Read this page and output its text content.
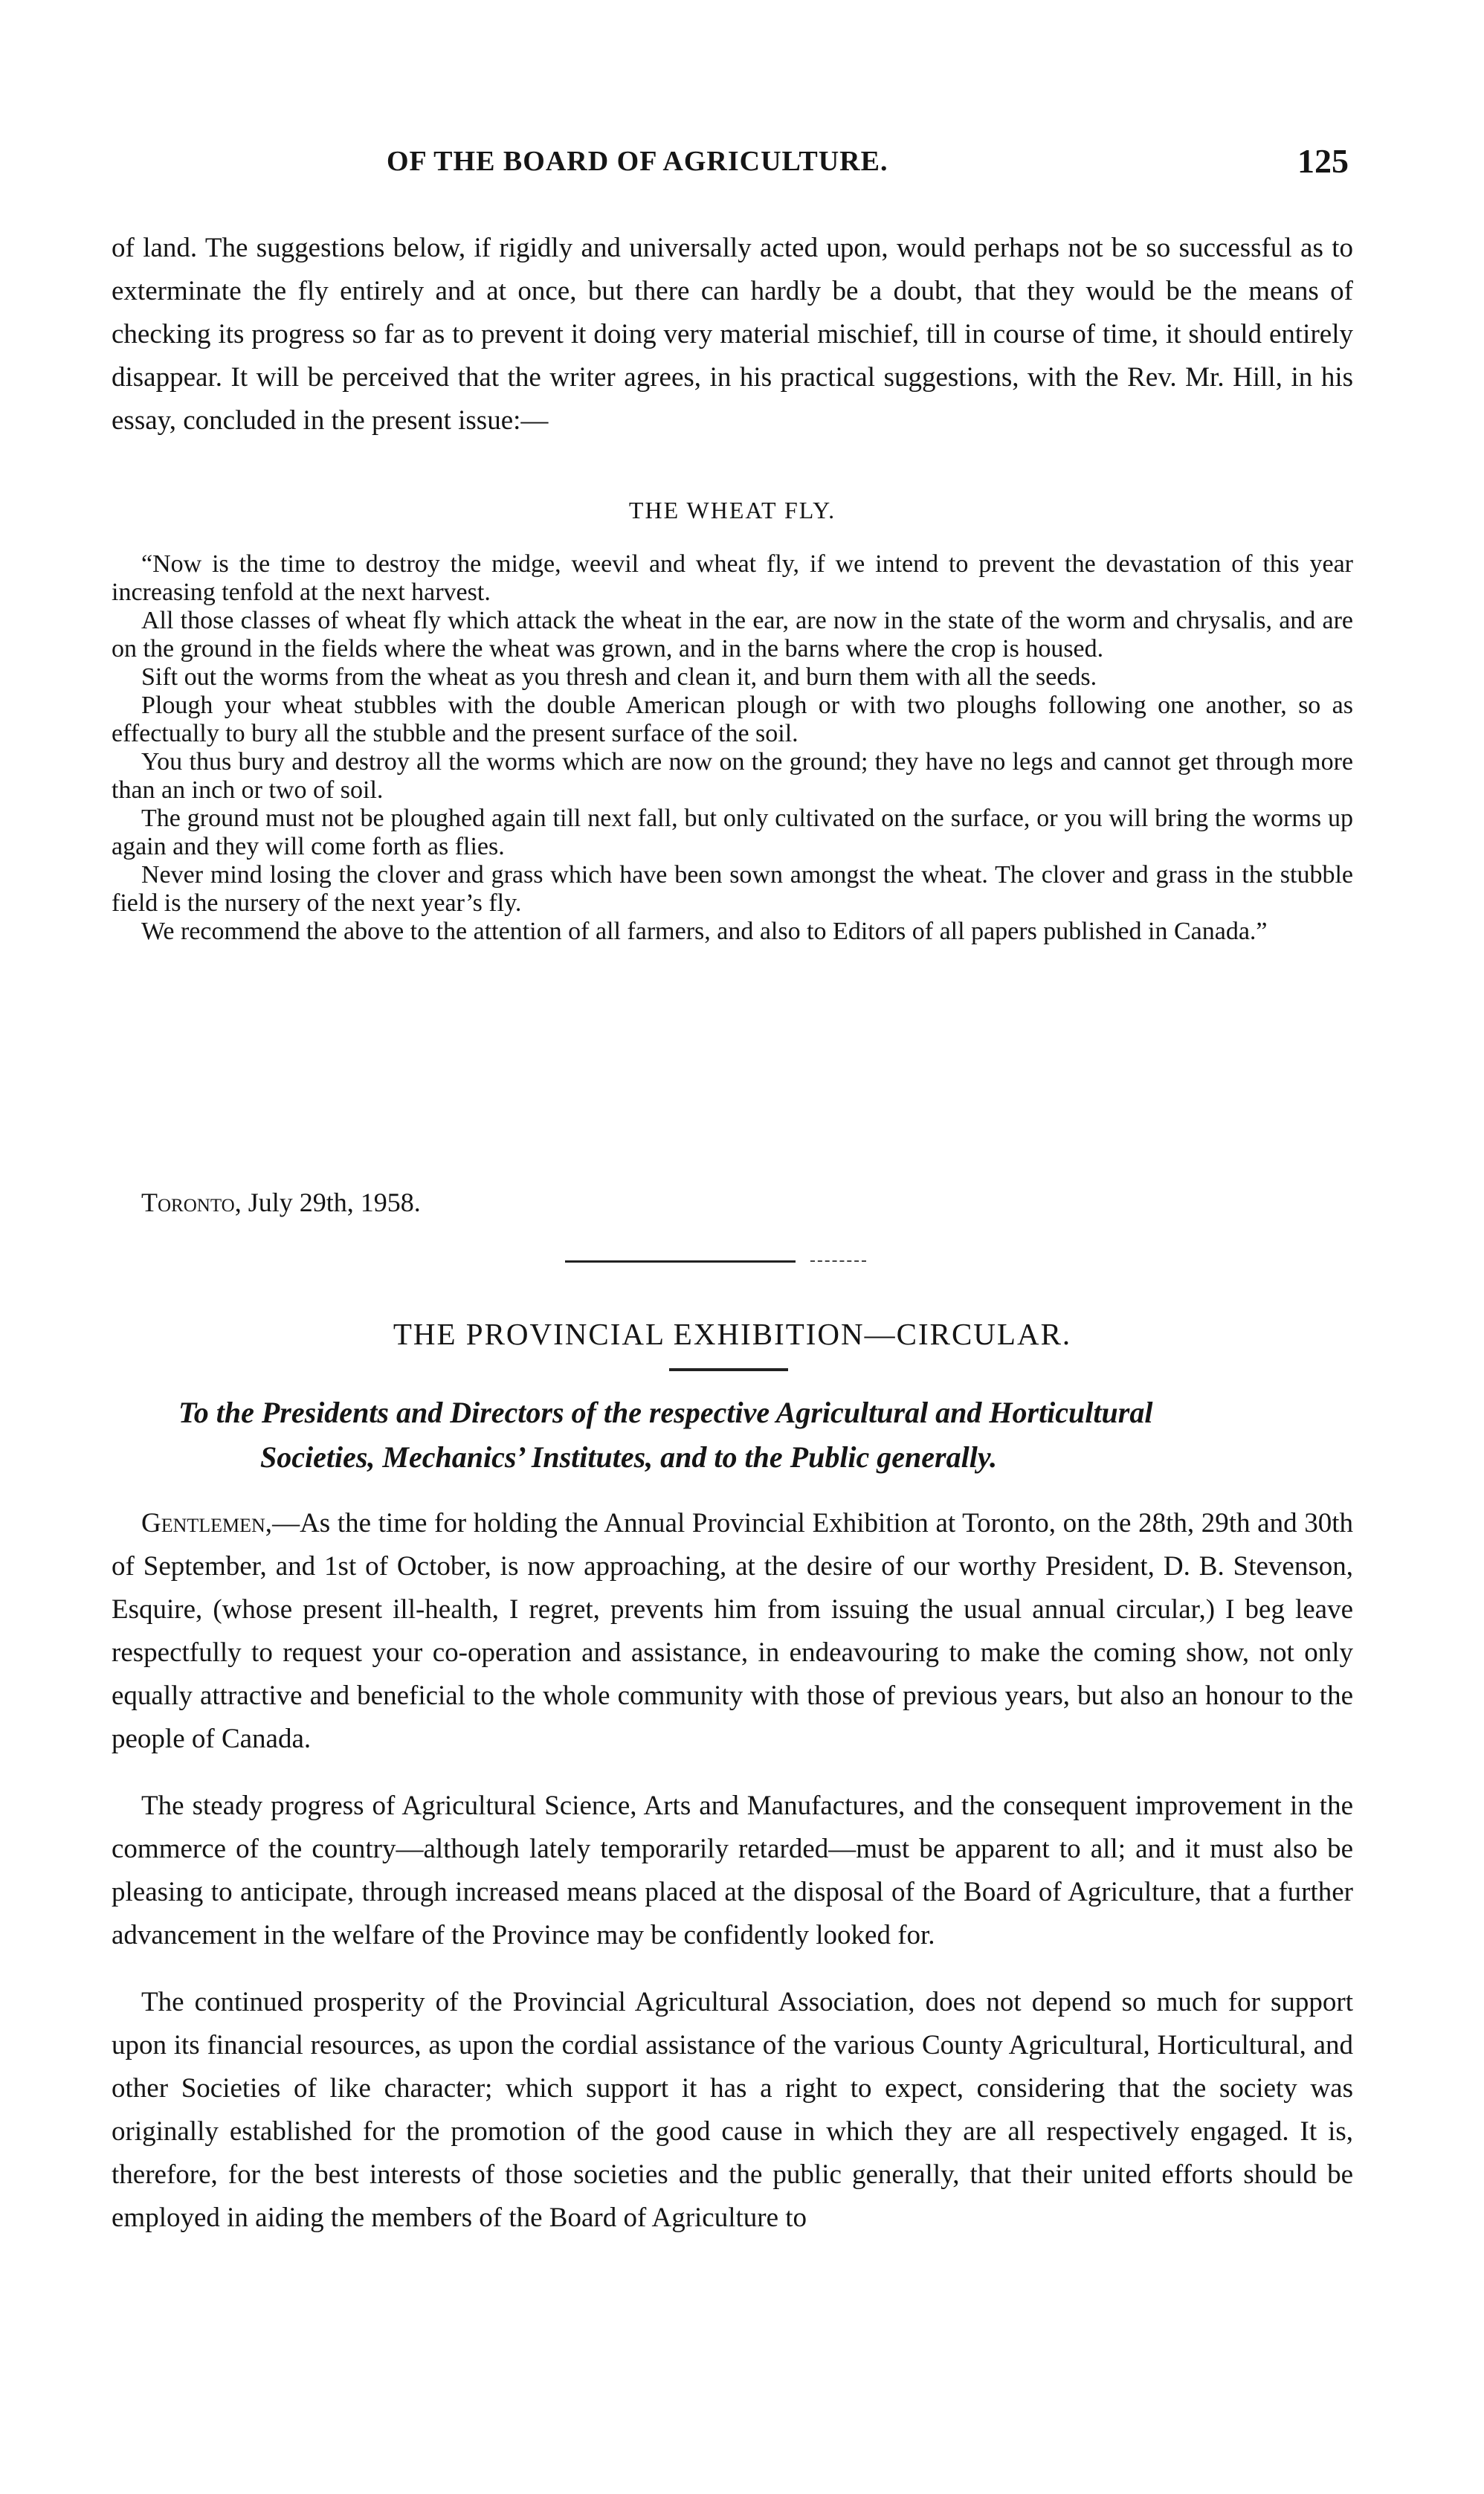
OF THE BOARD OF AGRICULTURE.	125

of land. The suggestions below, if rigidly and universally acted upon, would perhaps not be so successful as to exterminate the fly entirely and at once, but there can hardly be a doubt, that they would be the means of checking its progress so far as to prevent it doing very material mischief, till in course of time, it should entirely disappear. It will be perceived that the writer agrees, in his practical suggestions, with the Rev. Mr. Hill, in his essay, concluded in the present issue:—

THE WHEAT FLY.

“Now is the time to destroy the midge, weevil and wheat fly, if we intend to prevent the devastation of this year increasing tenfold at the next harvest.

All those classes of wheat fly which attack the wheat in the ear, are now in the state of the worm and chrysalis, and are on the ground in the fields where the wheat was grown, and in the barns where the crop is housed.

Sift out the worms from the wheat as you thresh and clean it, and burn them with all the seeds.

Plough your wheat stubbles with the double American plough or with two ploughs following one another, so as effectually to bury all the stubble and the present surface of the soil.

You thus bury and destroy all the worms which are now on the ground; they have no legs and cannot get through more than an inch or two of soil.

The ground must not be ploughed again till next fall, but only cultivated on the surface, or you will bring the worms up again and they will come forth as flies.

Never mind losing the clover and grass which have been sown amongst the wheat. The clover and grass in the stubble field is the nursery of the next year’s fly.

We recommend the above to the attention of all farmers, and also to Editors of all papers published in Canada.”

Toronto, July 29th, 1958.
THE PROVINCIAL EXHIBITION—CIRCULAR.
To the Presidents and Directors of the respective Agricultural and Horticultural
Societies, Mechanics’ Institutes, and to the Public generally.

Gentlemen,—As the time for holding the Annual Provincial Exhibition at Toronto, on the 28th, 29th and 30th of September, and 1st of October, is now approaching, at the desire of our worthy President, D. B. Stevenson, Esquire, (whose present ill-health, I regret, prevents him from issuing the usual annual circular,) I beg leave respectfully to request your co-operation and assistance, in endeavouring to make the coming show, not only equally attractive and beneficial to the whole community with those of previous years, but also an honour to the people of Canada.

The steady progress of Agricultural Science, Arts and Manufactures, and the consequent improvement in the commerce of the country—although lately temporarily retarded—must be apparent to all; and it must also be pleasing to anticipate, through increased means placed at the disposal of the Board of Agriculture, that a further advancement in the welfare of the Province may be confidently looked for.

The continued prosperity of the Provincial Agricultural Association, does not depend so much for support upon its financial resources, as upon the cordial assistance of the various County Agricultural, Horticultural, and other Societies of like character; which support it has a right to expect, considering that the society was originally established for the promotion of the good cause in which they are all respectively engaged. It is, therefore, for the best interests of those societies and the public generally, that their united efforts should be employed in aiding the members of the Board of Agriculture to
